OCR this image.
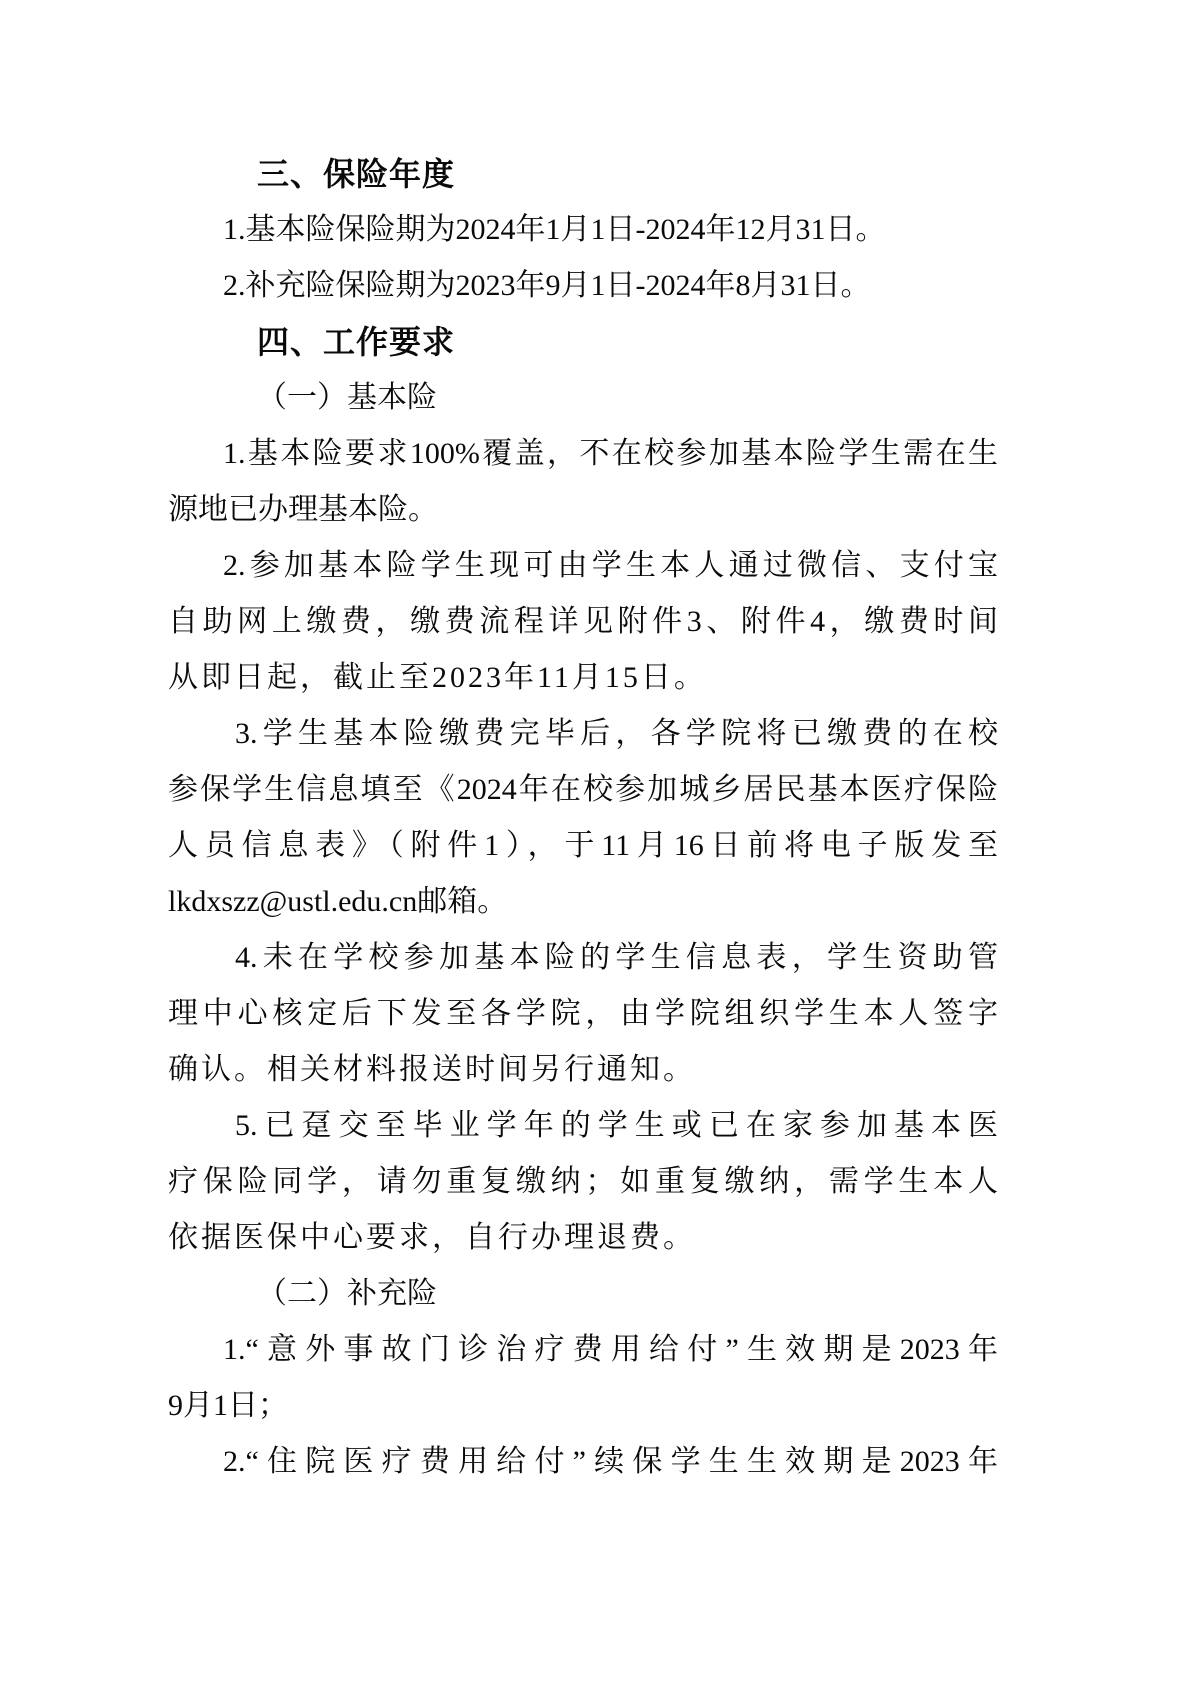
三、保险年度
1.基本险保险期为2024年1月1日-2024年12月31日。
2.补充险保险期为2023年9月1日-2024年8月31日。
四、工作要求
（一）基本险
1.基本险要求100%覆盖，不在校参加基本险学生需在生
源地已办理基本险。
2.参加基本险学生现可由学生本人通过微信、支付宝
自助网上缴费，缴费流程详见附件3、附件4，缴费时间
从即日起，截止至2023年11月15日。
3.学生基本险缴费完毕后，各学院将已缴费的在校
参保学生信息填至《2024年在校参加城乡居民基本医疗保险
人员信息表》（附件1），于11月16日前将电子版发至
lkdxszz@ustl.edu.cn邮箱。
4.未在学校参加基本险的学生信息表，学生资助管
理中心核定后下发至各学院，由学院组织学生本人签字
确认。相关材料报送时间另行通知。
5.已趸交至毕业学年的学生或已在家参加基本医
疗保险同学，请勿重复缴纳；如重复缴纳，需学生本人
依据医保中心要求，自行办理退费。
（二）补充险
1.“意外事故门诊治疗费用给付”生效期是2023年
9月1日；
2.“住院医疗费用给付”续保学生生效期是2023年
